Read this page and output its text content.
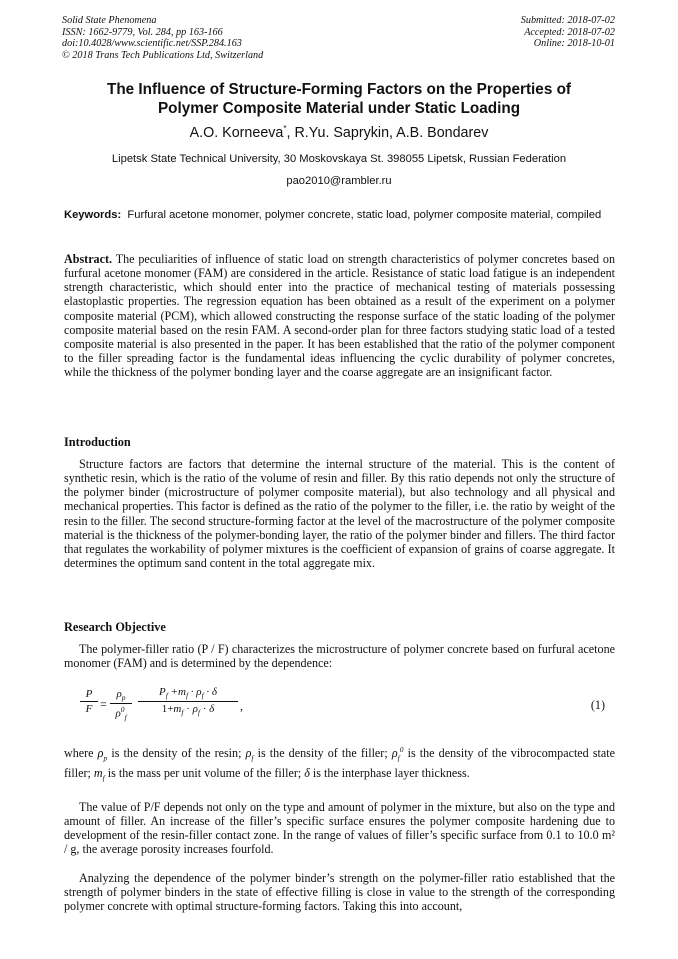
Solid State Phenomena
ISSN: 1662-9779, Vol. 284, pp 163-166
doi:10.4028/www.scientific.net/SSP.284.163
© 2018 Trans Tech Publications Ltd, Switzerland
Submitted: 2018-07-02
Accepted: 2018-07-02
Online: 2018-10-01
The Influence of Structure-Forming Factors on the Properties of
Polymer Composite Material under Static Loading
A.O. Korneeva*, R.Yu. Saprykin, A.B. Bondarev
Lipetsk State Technical University, 30 Moskovskaya St. 398055 Lipetsk, Russian Federation
pao2010@rambler.ru
Keywords: Furfural acetone monomer, polymer concrete, static load, polymer composite material, compiled
Abstract. The peculiarities of influence of static load on strength characteristics of polymer concretes based on furfural acetone monomer (FAM) are considered in the article. Resistance of static load fatigue is an independent strength characteristic, which should enter into the practice of mechanical testing of materials possessing elastoplastic properties. The regression equation has been obtained as a result of the experiment on a polymer composite material (PCM), which allowed constructing the response surface of the static loading of the polymer composite material based on the resin FAM. A second-order plan for three factors studying static load of a tested composite material is also presented in the paper. It has been established that the ratio of the polymer component to the filler spreading factor is the fundamental ideas influencing the cyclic durability of polymer concretes, while the thickness of the polymer bonding layer and the coarse aggregate are an insignificant factor.
Introduction
Structure factors are factors that determine the internal structure of the material. This is the content of synthetic resin, which is the ratio of the volume of resin and filler. By this ratio depends not only the structure of the polymer binder (microstructure of polymer composite material), but also technology and all physical and mechanical properties. This factor is defined as the ratio of the polymer to the filler, i.e. the ratio by weight of the resin to the filler. The second structure-forming factor at the level of the macrostructure of the polymer composite material is the thickness of the polymer-bonding layer, the ratio of the polymer binder and fillers. The third factor that regulates the workability of polymer mixtures is the coefficient of expansion of grains of coarse aggregate. It determines the optimum sand content in the total aggregate mix.
Research Objective
The polymer-filler ratio (P / F) characterizes the microstructure of polymer concrete based on furfural acetone monomer (FAM) and is determined by the dependence:
$\frac{P}{F} = \frac{\rho_p}{\rho^0_f} \frac{P_f +m_f \cdot \rho_f \cdot \delta}{1+m_f \cdot \rho_f \cdot \delta}$ ,	(1)
where $\rho_p$ is the density of the resin; $\rho_f$ is the density of the filler; $\rho_f^0$ is the density of the vibrocompacted state filler; $m_f$ is the mass per unit volume of the filler; δ is the interphase layer thickness.
The value of P/F depends not only on the type and amount of polymer in the mixture, but also on the type and amount of filler. An increase of the filler’s specific surface ensures the polymer composite hardening due to development of the resin-filler contact zone. In the range of values of filler’s specific surface from 0.1 to 10.0 m² / g, the average porosity increases fourfold.
Analyzing the dependence of the polymer binder’s strength on the polymer-filler ratio established that the strength of polymer binders in the state of effective filling is close in value to the strength of the corresponding polymer concrete with optimal structure-forming factors. Taking this into account,
